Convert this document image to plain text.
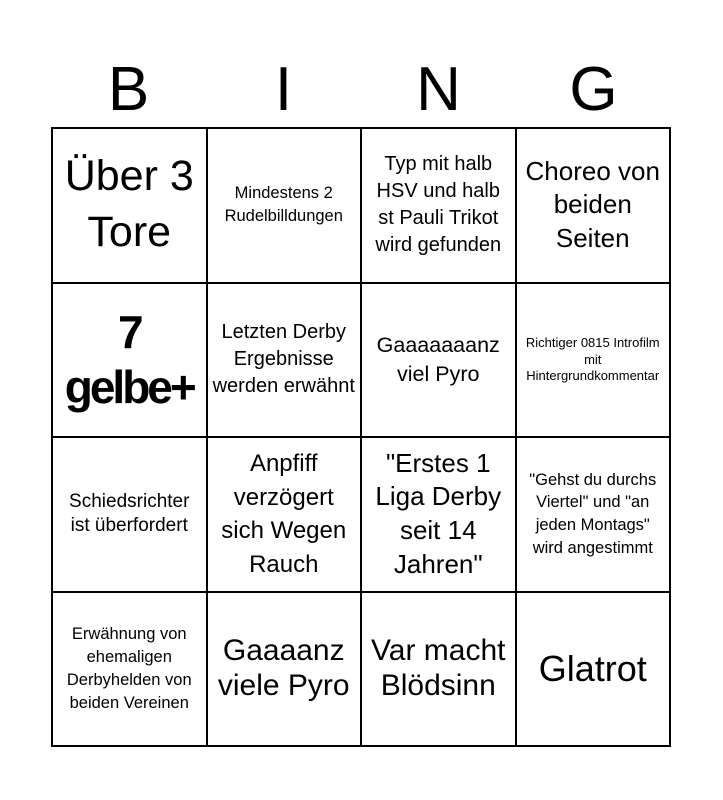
B	I	N	G
Über 3 Tore
Mindestens 2 Rudelbilldungen
Typ mit halb HSV und halb st Pauli Trikot wird gefunden
Choreo von beiden Seiten
7 gelbe+
Letzten Derby Ergebnisse werden erwähnt
Gaaaaaaanz viel Pyro
Richtiger 0815 Introfilm mit Hintergrundkommentar
Schiedsrichter ist überfordert
Anpfiff verzögert sich Wegen Rauch
"Erstes 1 Liga Derby seit 14 Jahren"
"Gehst du durchs Viertel" und "an jeden Montags" wird angestimmt
Erwähnung von ehemaligen Derbyhelden von beiden Vereinen
Gaaaanz viele Pyro
Var macht Blödsinn	Glatrot
